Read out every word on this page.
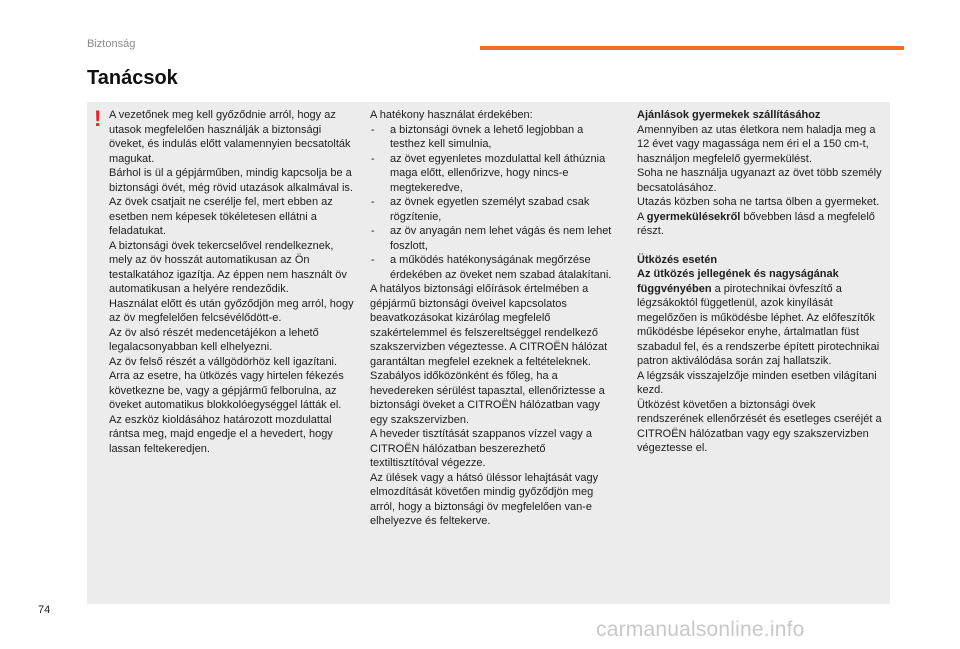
Biztonság
Tanácsok
! A vezetőnek meg kell győződnie arról, hogy az utasok megfelelően használják a biztonsági öveket, és indulás előtt valamennyien becsatolták magukat.

Bárhol is ül a gépjárműben, mindig kapcsolja be a biztonsági övét, még rövid utazások alkalmával is.

Az övek csatjait ne cserélje fel, mert ebben az esetben nem képesek tökéletesen ellátni a feladatukat.

A biztonsági övek tekercselővel rendelkeznek, mely az öv hosszát automatikusan az Ön testalkatához igazítja. Az éppen nem használt öv automatikusan a helyére rendeződik.

Használat előtt és után győződjön meg arról, hogy az öv megfelelően felcsévélődött-e.

Az öv alsó részét medencetájékon a lehető legalacsonyabban kell elhelyezni.

Az öv felső részét a vállgödörhöz kell igazítani.

Arra az esetre, ha ütközés vagy hirtelen fékezés következne be, vagy a gépjármű felborulna, az öveket automatikus blokkolóegységgel látták el.

Az eszköz kioldásához határozott mozdulattal rántsa meg, majd engedje el a hevedert, hogy lassan feltekeredjen.

A hatékony használat érdekében:

- a biztonsági övnek a lehető legjobban a testhez kell simulnia,
- az övet egyenletes mozdulattal kell áthúznia maga előtt, ellenőrizve, hogy nincs-e megtekeredve,
- az övnek egyetlen személyt szabad csak rögzítenie,
- az öv anyagán nem lehet vágás és nem lehet foszlott,
- a működés hatékonyságának megőrzése érdekében az öveket nem szabad átalakítani.

A hatályos biztonsági előírások értelmében a gépjármű biztonsági öveivel kapcsolatos beavatkozásokat kizárólag megfelelő szakértelemmel és felszereltséggel rendelkező szakszervizben végeztesse. A CITROËN hálózat garantáltan megfelel ezeknek a feltételeknek.

Szabályos időközönként és főleg, ha a hevedereken sérülést tapasztal, ellenőriztesse a biztonsági öveket a CITROËN hálózatban vagy egy szakszervizben.

A heveder tisztítását szappanos vízzel vagy a CITROËN hálózatban beszerezhető textiltisztítóval végezze.

Az ülések vagy a hátsó üléssor lehajtását vagy elmozdítását követően mindig győződjön meg arról, hogy a biztonsági öv megfelelően van-e elhelyezve és feltekerve.

Ajánlások gyermekek szállításához

Amennyiben az utas életkora nem haladja meg a 12 évet vagy magassága nem éri el a 150 cm-t, használjon megfelelő gyermekülést.

Soha ne használja ugyanazt az övet több személy becsatolásához.

Utazás közben soha ne tartsa ölben a gyermeket.

A gyermekülésekről bővebben lásd a megfelelő részt.

Ütközés esetén

Az ütközés jellegének és nagyságának függvényében a pirotechnikai övfeszítő a légzsákoktól függetlenül, azok kinyílását megelőzően is működésbe léphet. Az előfeszítők működésbe lépésekor enyhe, ártalmatlan füst szabadul fel, és a rendszerbe épített pirotechnikai patron aktiválódása során zaj hallatszik.

A légzsák visszajelzője minden esetben világítani kezd.

Ütközést követően a biztonsági övek rendszerének ellenőrzését és esetleges cseréjét a CITROËN hálózatban vagy egy szakszervizben végeztesse el.

74
carmanualsonline.info
